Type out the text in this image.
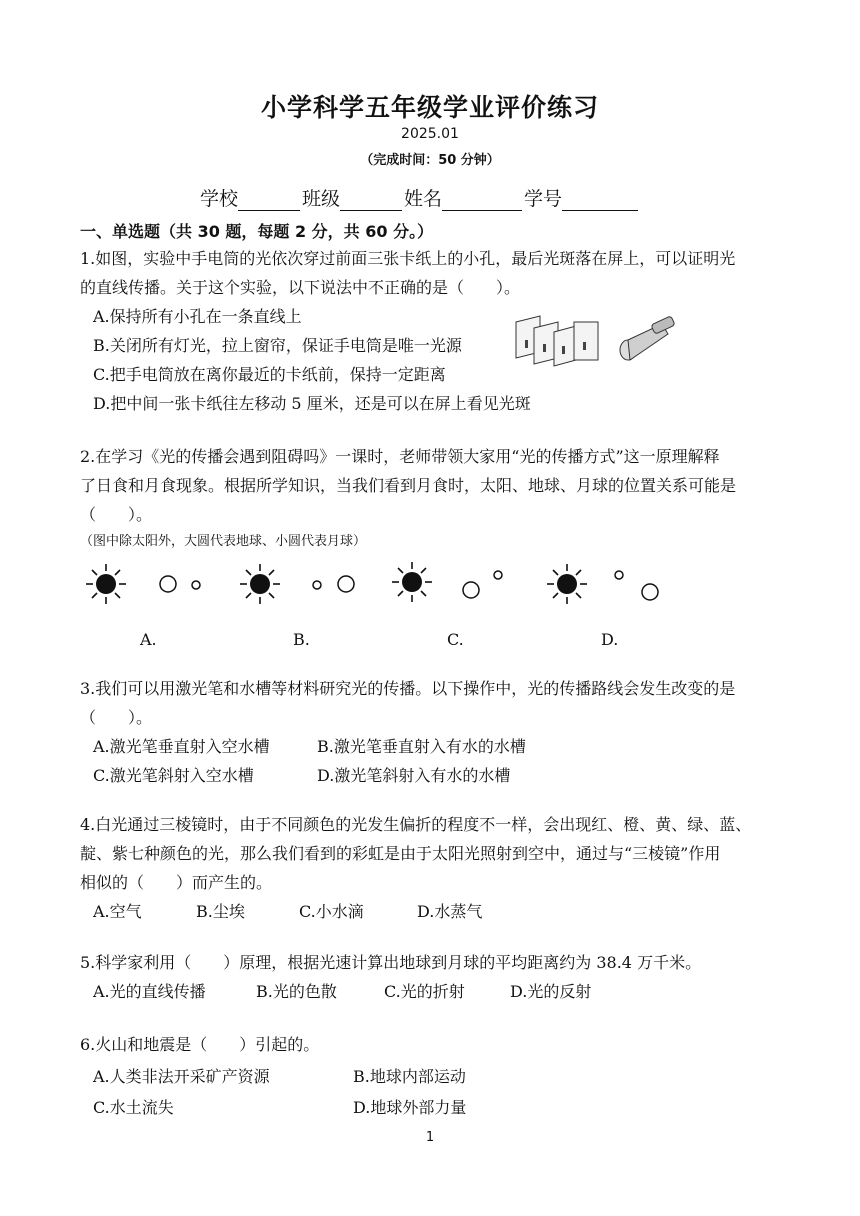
小学科学五年级学业评价练习
2025.01
（完成时间：50 分钟）
学校	班级	姓名	学号
一、单选题（共 30 题，每题 2 分，共 60 分。）
1.如图，实验中手电筒的光依次穿过前面三张卡纸上的小孔，最后光斑落在屏上，可以证明光
的直线传播。关于这个实验，以下说法中不正确的是（　　）。
A.保持所有小孔在一条直线上
B.关闭所有灯光，拉上窗帘，保证手电筒是唯一光源
C.把手电筒放在离你最近的卡纸前，保持一定距离
D.把中间一张卡纸往左移动 5 厘米，还是可以在屏上看见光斑
2.在学习《光的传播会遇到阻碍吗》一课时，老师带领大家用“光的传播方式”这一原理解释
了日食和月食现象。根据所学知识，当我们看到月食时，太阳、地球、月球的位置关系可能是
（　　）。
（图中除太阳外，大圆代表地球、小圆代表月球）
A.	B.	C.	D.
3.我们可以用激光笔和水槽等材料研究光的传播。以下操作中，光的传播路线会发生改变的是
（　　）。
A.激光笔垂直射入空水槽	B.激光笔垂直射入有水的水槽
C.激光笔斜射入空水槽	D.激光笔斜射入有水的水槽
4.白光通过三棱镜时，由于不同颜色的光发生偏折的程度不一样，会出现红、橙、黄、绿、蓝、
靛、紫七种颜色的光，那么我们看到的彩虹是由于太阳光照射到空中，通过与“三棱镜”作用
相似的（　　）而产生的。
A.空气	B.尘埃	C.小水滴	D.水蒸气
5.科学家利用（　　）原理，根据光速计算出地球到月球的平均距离约为 38.4 万千米。
A.光的直线传播	B.光的色散	C.光的折射	D.光的反射
6.火山和地震是（　　）引起的。
A.人类非法开采矿产资源	B.地球内部运动
C.水土流失	D.地球外部力量
1
